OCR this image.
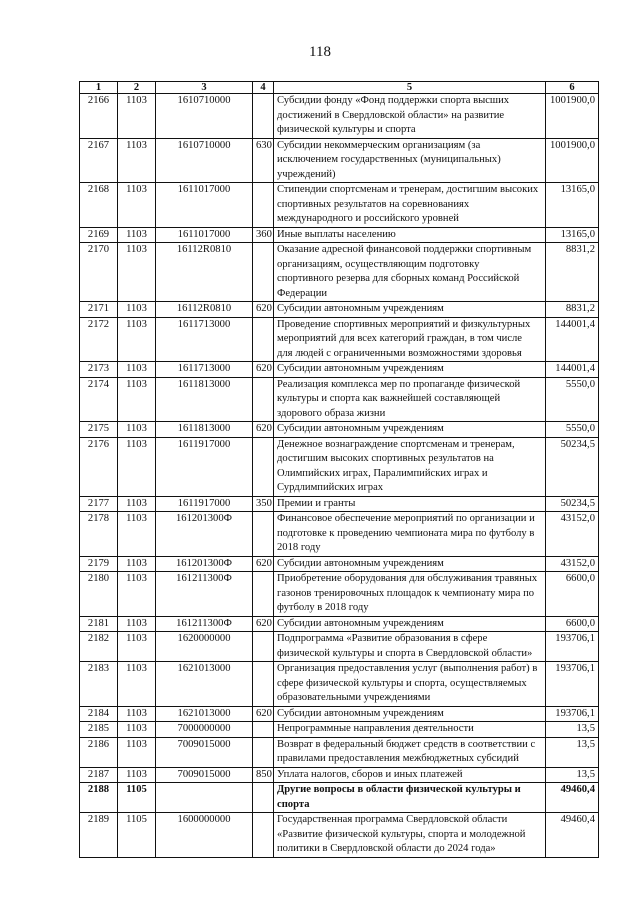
118
1	2	3	4	5	6
2166	1103	1610710000		Субсидии фонду «Фонд поддержки спорта высших
достижений в Свердловской области» на развитие
физической культуры и спорта	1001900,0
2167	1103	1610710000	630	Субсидии некоммерческим организациям (за
исключением государственных (муниципальных)
учреждений)	1001900,0
2168	1103	1611017000		Стипендии спортсменам и тренерам, достигшим высоких
спортивных результатов на соревнованиях
международного и российского уровней	13165,0
2169	1103	1611017000	360	Иные выплаты населению	13165,0
2170	1103	16112R0810		Оказание адресной финансовой поддержки спортивным
организациям, осуществляющим подготовку
спортивного резерва для сборных команд Российской
Федерации	8831,2
2171	1103	16112R0810	620	Субсидии автономным учреждениям	8831,2
2172	1103	1611713000		Проведение спортивных мероприятий и физкультурных
мероприятий для всех категорий граждан, в том числе
для людей с ограниченными возможностями здоровья	144001,4
2173	1103	1611713000	620	Субсидии автономным учреждениям	144001,4
2174	1103	1611813000		Реализация комплекса мер по пропаганде физической
культуры и спорта как важнейшей составляющей
здорового образа жизни	5550,0
2175	1103	1611813000	620	Субсидии автономным учреждениям	5550,0
2176	1103	1611917000		Денежное вознаграждение спортсменам и тренерам,
достигшим высоких спортивных результатов на
Олимпийских играх, Паралимпийских играх и
Сурдлимпийских играх	50234,5
2177	1103	1611917000	350	Премии и гранты	50234,5
2178	1103	161201300Ф		Финансовое обеспечение мероприятий по организации и
подготовке к проведению чемпионата мира по футболу в
2018 году	43152,0
2179	1103	161201300Ф	620	Субсидии автономным учреждениям	43152,0
2180	1103	161211300Ф		Приобретение оборудования для обслуживания травяных
газонов тренировочных площадок к чемпионату мира по
футболу в 2018 году	6600,0
2181	1103	161211300Ф	620	Субсидии автономным учреждениям	6600,0
2182	1103	1620000000		Подпрограмма «Развитие образования в сфере
физической культуры и спорта в Свердловской области»	193706,1
2183	1103	1621013000		Организация предоставления услуг (выполнения работ) в
сфере физической культуры и спорта, осуществляемых
образовательными учреждениями	193706,1
2184	1103	1621013000	620	Субсидии автономным учреждениям	193706,1
2185	1103	7000000000		Непрограммные направления деятельности	13,5
2186	1103	7009015000		Возврат в федеральный бюджет средств в соответствии с
правилами предоставления межбюджетных субсидий	13,5
2187	1103	7009015000	850	Уплата налогов, сборов и иных платежей	13,5
2188	1105			Другие вопросы в области физической культуры и
спорта	49460,4
2189	1105	1600000000		Государственная программа Свердловской области
«Развитие физической культуры, спорта и молодежной
политики в Свердловской области до 2024 года»	49460,4
